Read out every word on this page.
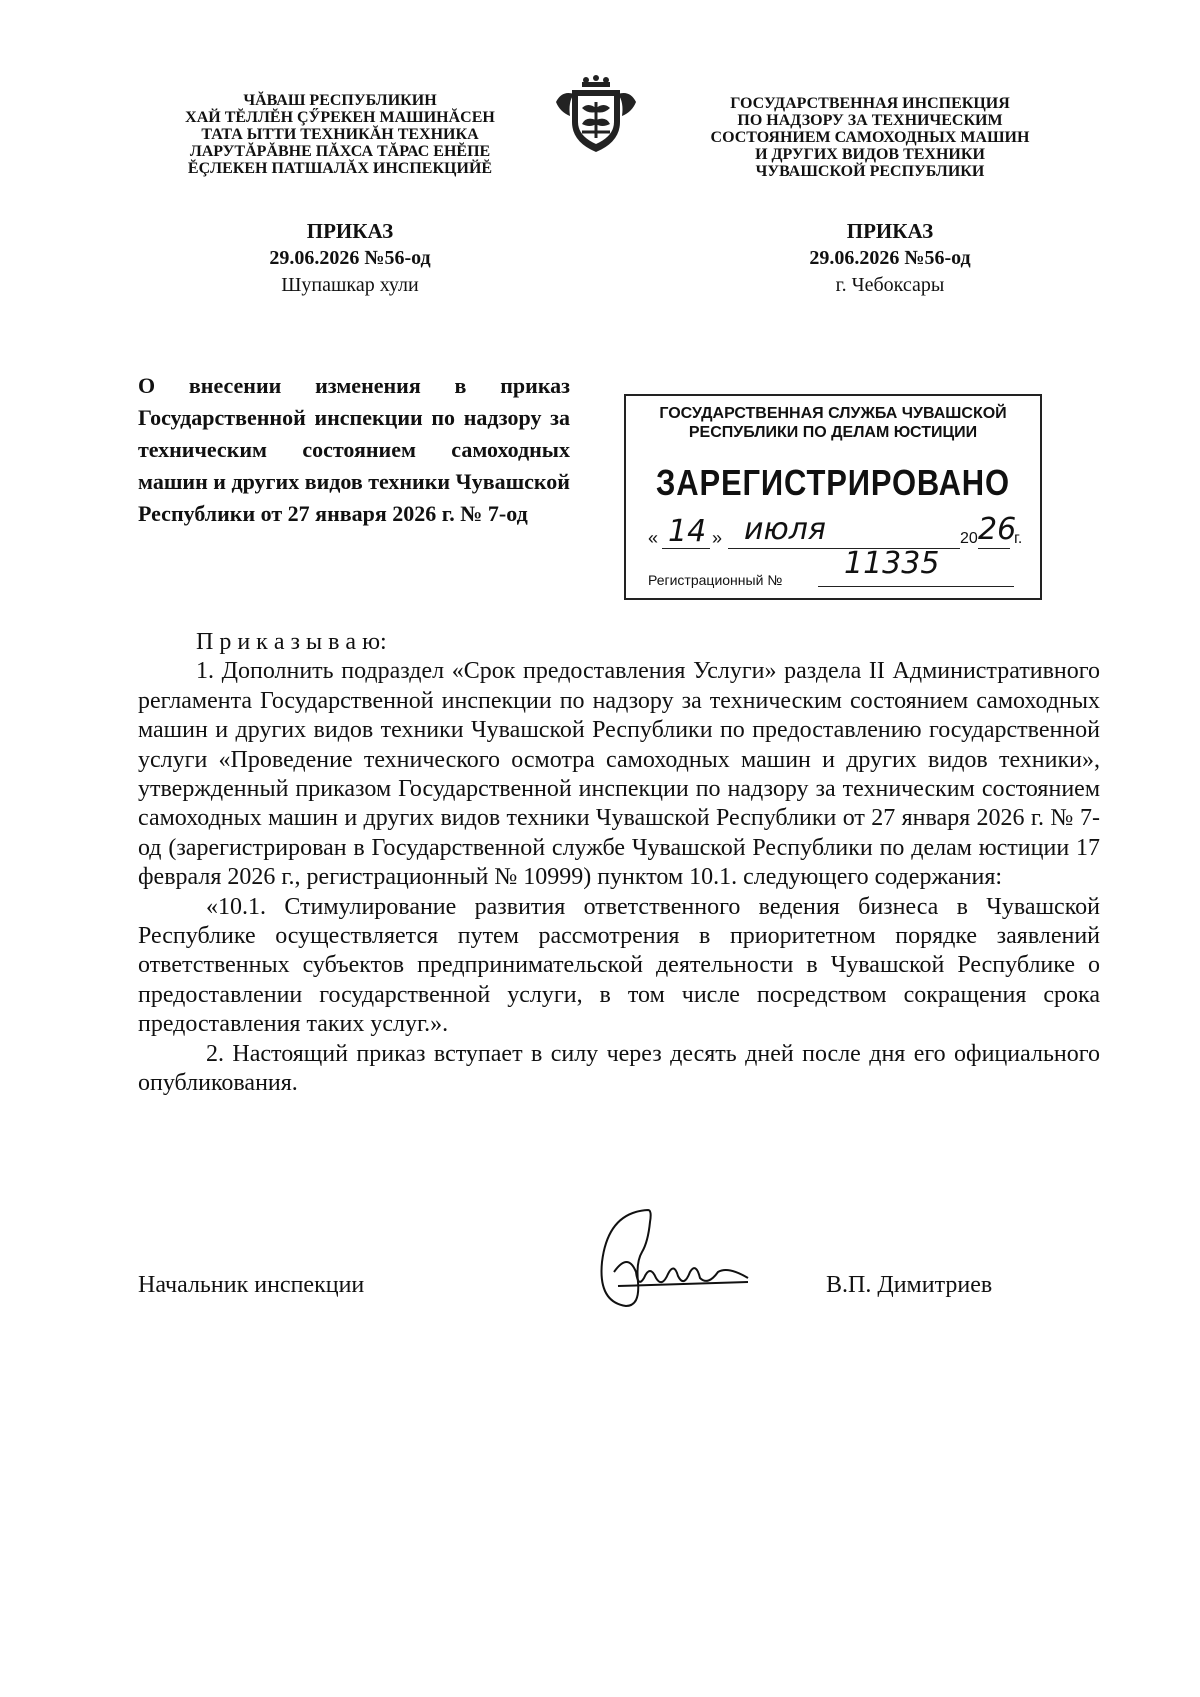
ЧĂВАШ РЕСПУБЛИКИН
ХАЙ ТĔЛЛĔН ÇӲРЕКЕН МАШИНĂСЕН
ТАТА ЫТТИ ТЕХНИКĂН ТЕХНИКА
ЛАРУТĂРĂВНЕ ПĂХСА ТĂРАС ЕНĔПЕ
ĔÇЛЕКЕН ПАТШАЛĂХ ИНСПЕКЦИЙĔ
ГОСУДАРСТВЕННАЯ ИНСПЕКЦИЯ
ПО НАДЗОРУ ЗА ТЕХНИЧЕСКИМ
СОСТОЯНИЕМ САМОХОДНЫХ МАШИН
И ДРУГИХ ВИДОВ ТЕХНИКИ
ЧУВАШСКОЙ РЕСПУБЛИКИ
ПРИКАЗ
29.06.2026 №56-од
Шупашкар хули
ПРИКАЗ
29.06.2026 №56-од
г. Чебоксары
О внесении изменения в приказ Государственной инспекции по надзору за техническим состоянием самоходных машин и других видов техники Чувашской Республики от 27 января 2026 г. № 7-од
ГОСУДАРСТВЕННАЯ СЛУЖБА ЧУВАШСКОЙ
РЕСПУБЛИКИ ПО ДЕЛАМ ЮСТИЦИИ
ЗАРЕГИСТРИРОВАНО
« 14 » июля	20 26
г.
Регистрационный № 11335

П р и к а з ы в а ю:

1. Дополнить подраздел «Срок предоставления Услуги» раздела II Административного регламента Государственной инспекции по надзору за техническим состоянием самоходных машин и других видов техники Чувашской Республики по предоставлению государственной услуги «Проведение технического осмотра самоходных машин и других видов техники», утвержденный приказом Государственной инспекции по надзору за техническим состоянием самоходных машин и других видов техники Чувашской Республики от 27 января 2026 г. № 7-од (зарегистрирован в Государственной службе Чувашской Республики по делам юстиции 17 февраля 2026 г., регистрационный № 10999) пунктом 10.1. следующего содержания:

«10.1. Стимулирование развития ответственного ведения бизнеса в Чувашской Республике осуществляется путем рассмотрения в приоритетном порядке заявлений ответственных субъектов предпринимательской деятельности в Чувашской Республике о предоставлении государственной услуги, в том числе посредством сокращения срока предоставления таких услуг.».

2. Настоящий приказ вступает в силу через десять дней после дня его официального опубликования.

Начальник инспекции	В.П. Димитриев
